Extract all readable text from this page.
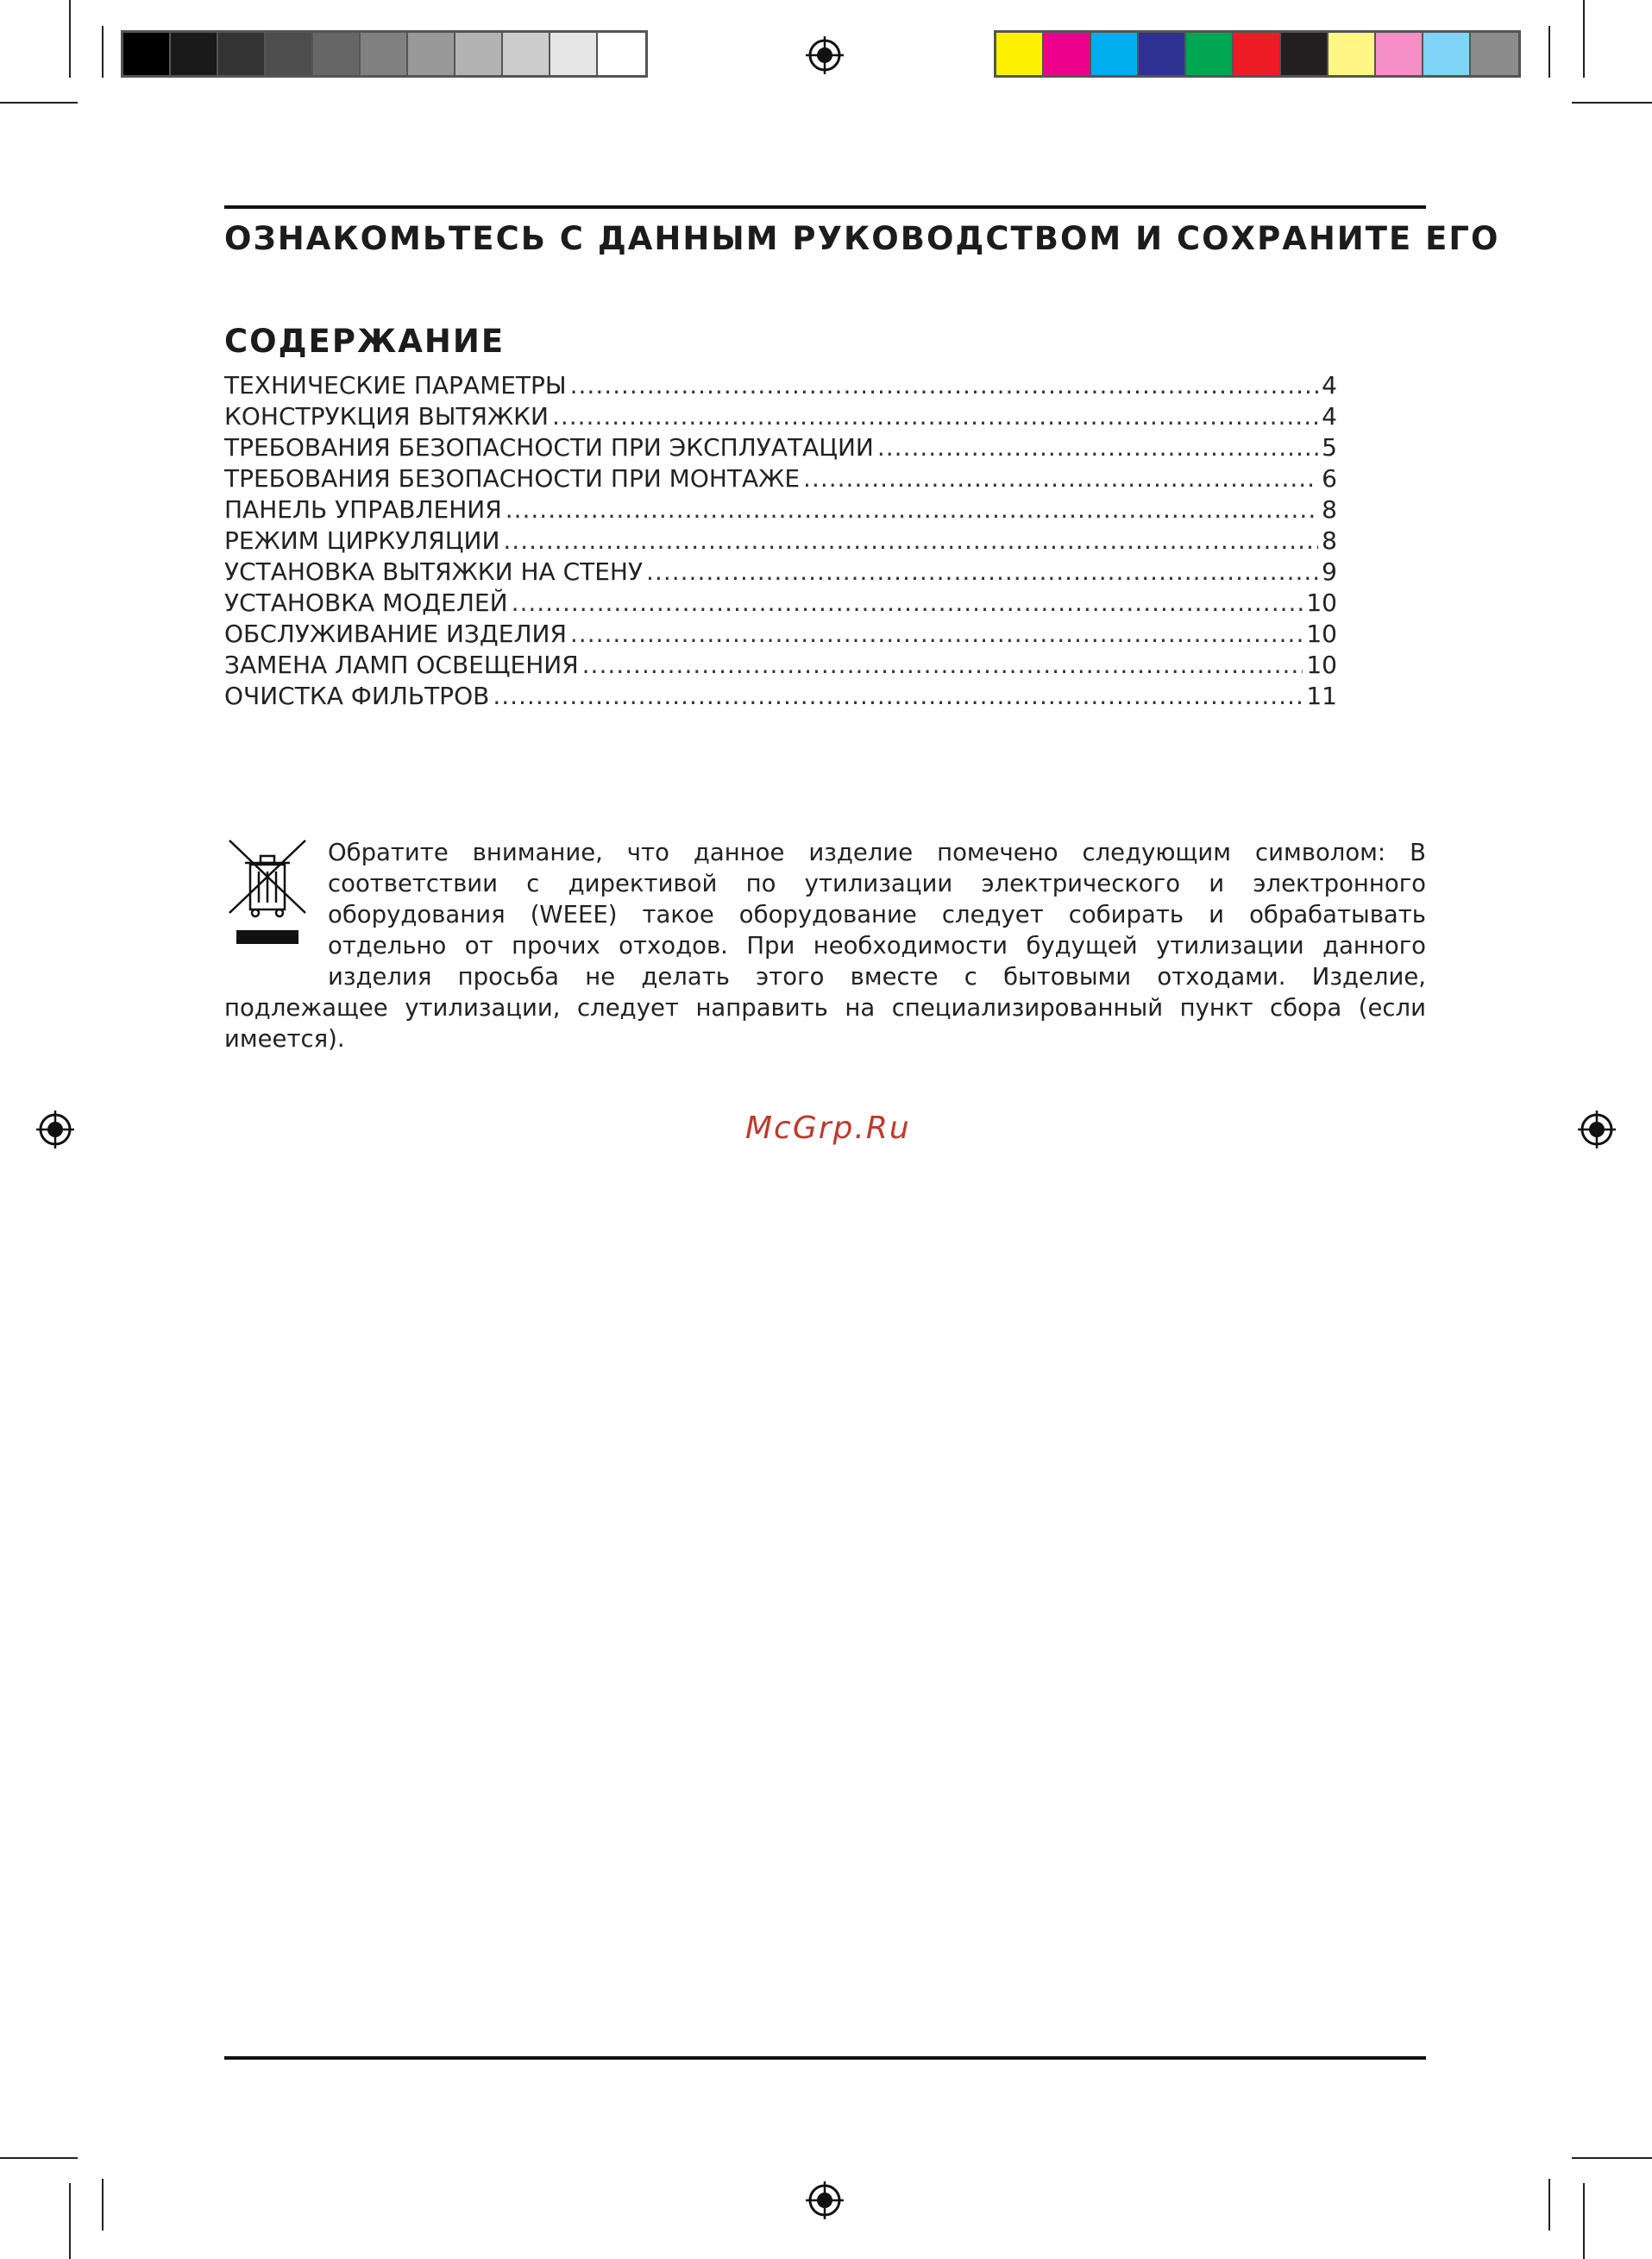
ОЗНАКОМЬТЕСЬ С ДАННЫМ РУКОВОДСТВОМ И СОХРАНИТЕ ЕГО
СОДЕРЖАНИЕ
ТЕХНИЧЕСКИЕ ПАРАМЕТРЫ .....	4
КОНСТРУКЦИЯ ВЫТЯЖКИ .....	4
ТРЕБОВАНИЯ БЕЗОПАСНОСТИ ПРИ ЭКСПЛУАТАЦИИ .....	5
ТРЕБОВАНИЯ БЕЗОПАСНОСТИ ПРИ МОНТАЖЕ .....	6
ПАНЕЛЬ УПРАВЛЕНИЯ .....	8
РЕЖИМ ЦИРКУЛЯЦИИ .....	8
УСТАНОВКА ВЫТЯЖКИ НА СТЕНУ .....	9
УСТАНОВКА МОДЕЛЕЙ .....	10
ОБСЛУЖИВАНИЕ ИЗДЕЛИЯ .....	10
ЗАМЕНА ЛАМП ОСВЕЩЕНИЯ .....	10
ОЧИСТКА ФИЛЬТРОВ .....	11
Обратите внимание, что данное изделие помечено следующим символом: В соответствии с директивой по утилизации электрического и электронного оборудования (WEEE) такое оборудование следует собирать и обрабатывать отдельно от прочих отходов. При необходимости будущей утилизации данного изделия просьба не делать этого вместе с бытовыми отходами. Изделие, подлежащее утилизации, следует направить на специализированный пункт сбора (если имеется).
McGrp.Ru
